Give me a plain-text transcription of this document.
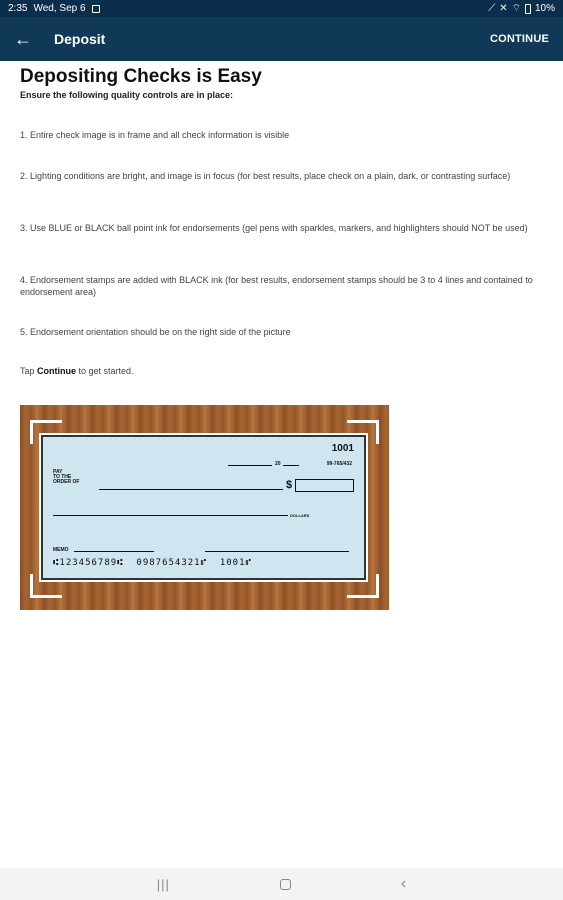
2:35 Wed, Sep 6	⟋ ✕ ⌔ 10%
←	Deposit	CONTINUE
Depositing Checks is Easy
Ensure the following quality controls are in place:
1. Entire check image is in frame and all check information is visible
2. Lighting conditions are bright, and image is in focus (for best results, place check on a plain, dark, or contrasting surface)
3. Use BLUE or BLACK ball point ink for endorsements (gel pens with sparkles, markers, and highlighters should NOT be used)
4. Endorsement stamps are added with BLACK ink (for best results, endorsement stamps should be 3 to 4 lines and contained to endorsement area)
5. Endorsement orientation should be on the right side of the picture
Tap Continue to get started.
1001
99-765/432
20
PAY
TO THE
ORDER OF	$
DOLLARS
MEMO
⑆123456789⑆  0987654321⑈  1001⑈
|||	‹
